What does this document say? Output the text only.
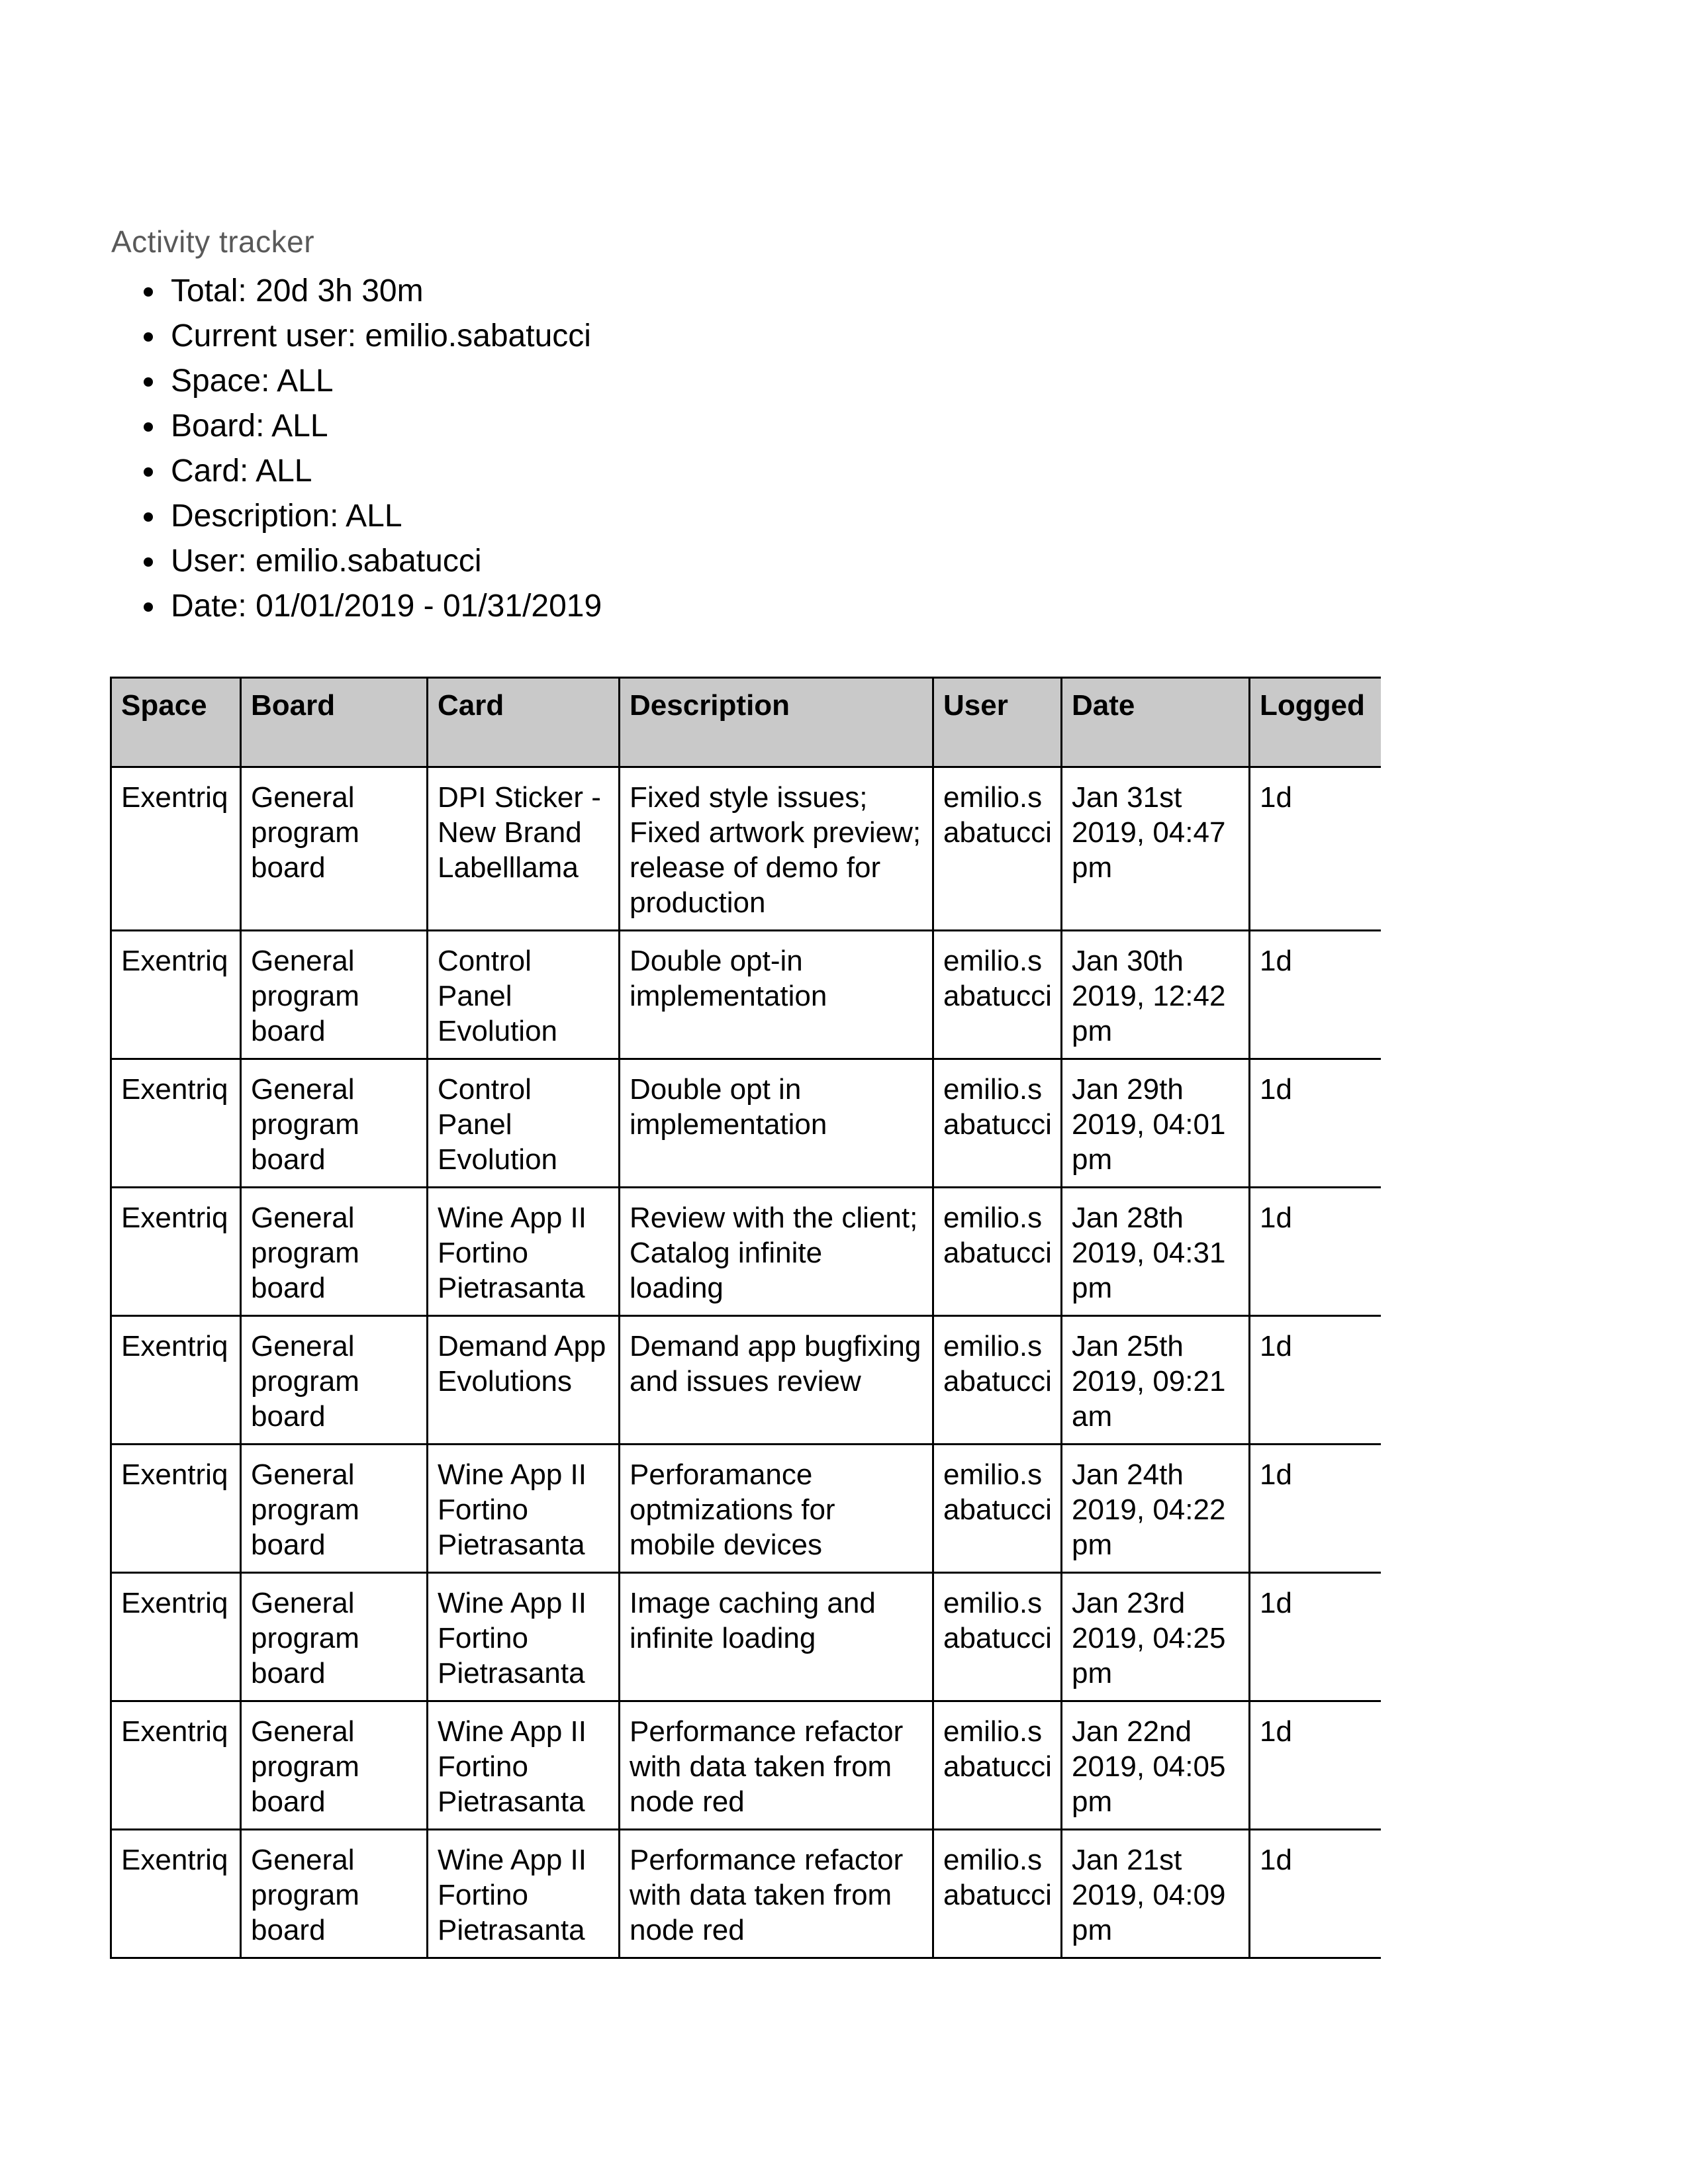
Activity tracker
• Total: 20d 3h 30m
• Current user: emilio.sabatucci
• Space: ALL
• Board: ALL
• Card: ALL
• Description: ALL
• User: emilio.sabatucci
• Date: 01/01/2019 - 01/31/2019
Space	Board	Card	Description	User	Date	Logged
Exentriq	General program board	DPI Sticker - New Brand Labelllama	Fixed style issues; Fixed artwork preview; release of demo for production	emilio.sabatucci	Jan 31st 2019, 04:47 pm	1d
Exentriq	General program board	Control Panel Evolution	Double opt-in implementation	emilio.sabatucci	Jan 30th 2019, 12:42 pm	1d
Exentriq	General program board	Control Panel Evolution	Double opt in implementation	emilio.sabatucci	Jan 29th 2019, 04:01 pm	1d
Exentriq	General program board	Wine App II Fortino Pietrasanta	Review with the client; Catalog infinite loading	emilio.sabatucci	Jan 28th 2019, 04:31 pm	1d
Exentriq	General program board	Demand App Evolutions	Demand app bugfixing and issues review	emilio.sabatucci	Jan 25th 2019, 09:21 am	1d
Exentriq	General program board	Wine App II Fortino Pietrasanta	Perforamance optmizations for mobile devices	emilio.sabatucci	Jan 24th 2019, 04:22 pm	1d
Exentriq	General program board	Wine App II Fortino Pietrasanta	Image caching and infinite loading	emilio.sabatucci	Jan 23rd 2019, 04:25 pm	1d
Exentriq	General program board	Wine App II Fortino Pietrasanta	Performance refactor with data taken from node red	emilio.sabatucci	Jan 22nd 2019, 04:05 pm	1d
Exentriq	General program board	Wine App II Fortino Pietrasanta	Performance refactor with data taken from node red	emilio.sabatucci	Jan 21st 2019, 04:09 pm	1d
